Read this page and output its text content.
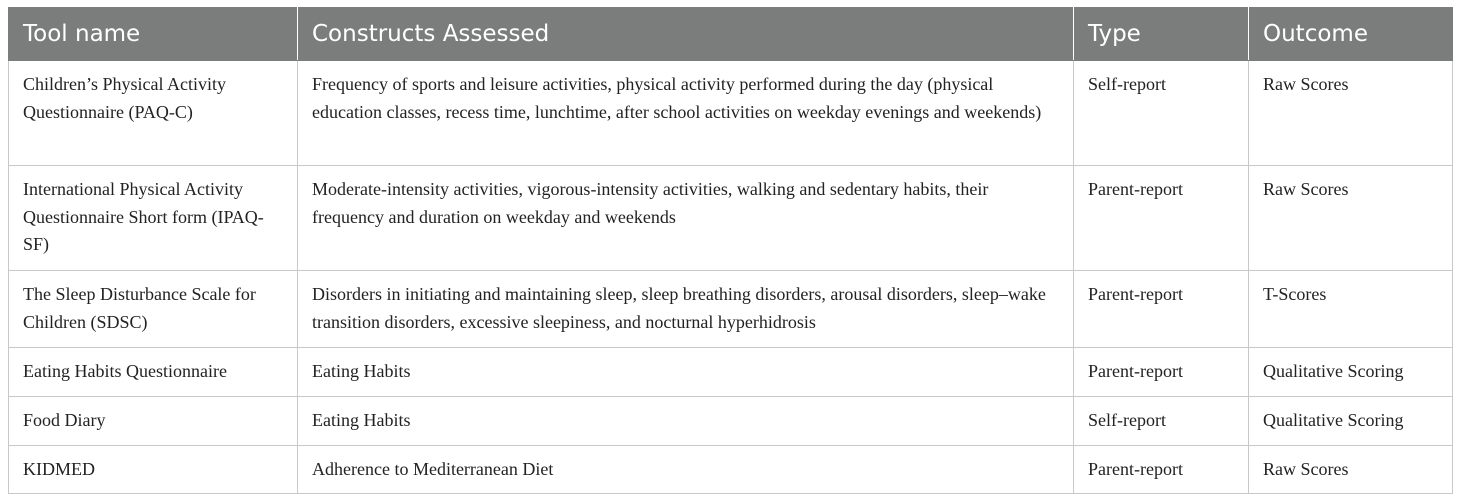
Tool name	Constructs Assessed	Type	Outcome
Children’s Physical Activity Questionnaire (PAQ-C)	Frequency of sports and leisure activities, physical activity performed during the day (physical education classes, recess time, lunchtime, after school activities on weekday evenings and weekends)	Self-report	Raw Scores
International Physical Activity Questionnaire Short form (IPAQ-SF)	Moderate-intensity activities, vigorous-intensity activities, walking and sedentary habits, their frequency and duration on weekday and weekends	Parent-report	Raw Scores
The Sleep Disturbance Scale for Children (SDSC)	Disorders in initiating and maintaining sleep, sleep breathing disorders, arousal disorders, sleep–wake transition disorders, excessive sleepiness, and nocturnal hyperhidrosis	Parent-report	T-Scores
Eating Habits Questionnaire	Eating Habits	Parent-report	Qualitative Scoring
Food Diary	Eating Habits	Self-report	Qualitative Scoring
KIDMED	Adherence to Mediterranean Diet	Parent-report	Raw Scores
